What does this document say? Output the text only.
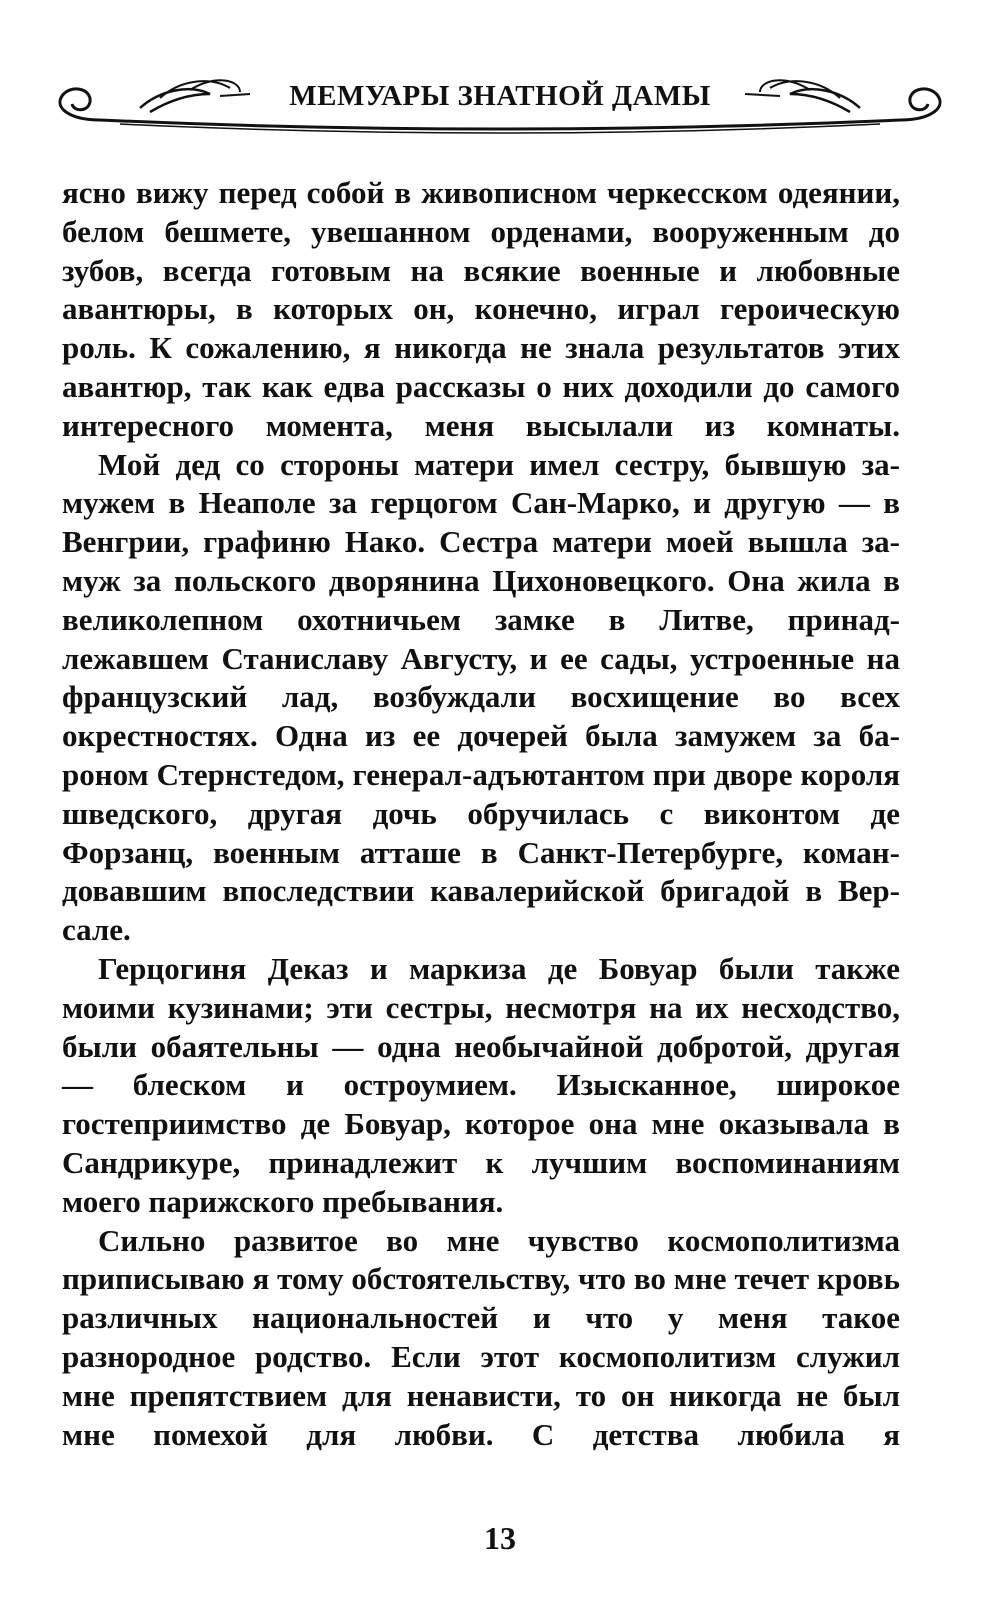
МЕМУАРЫ ЗНАТНОЙ ДАМЫ

ясно вижу перед собой в живописном черкесском одеянии, белом бешмете, увешанном орденами, вооруженным до зубов, всегда готовым на всякие военные и любовные авантюры, в которых он, конечно, играл героическую роль. К сожалению, я никогда не знала результатов этих авантюр, так как едва рассказы о них доходили до самого интересного момента, меня высылали из комнаты.

Мой дед со стороны матери имел сестру, бывшую замужем в Неаполе за герцогом Сан-Марко, и другую — в Венгрии, графиню Нако. Сестра матери моей вышла замуж за польского дворянина Цихоновецкого. Она жила в великолепном охотничьем замке в Литве, принадлежавшем Станиславу Августу, и ее сады, устроенные на французский лад, возбуждали восхищение во всех окрестностях. Одна из ее дочерей была замужем за бароном Стернстедом, генерал-адъютантом при дворе короля шведского, другая дочь обручилась с виконтом де Форзанц, военным атташе в Санкт-Петербурге, командовавшим впоследствии кавалерийской бригадой в Версале.

Герцогиня Деказ и маркиза де Бовуар были также моими кузинами; эти сестры, несмотря на их несходство, были обаятельны — одна необычайной добротой, другая — блеском и остроумием. Изысканное, широкое гостеприимство де Бовуар, которое она мне оказывала в Сандрикуре, принадлежит к лучшим воспоминаниям моего парижского пребывания.

Сильно развитое во мне чувство космополитизма приписываю я тому обстоятельству, что во мне течет кровь различных национальностей и что у меня такое разнородное родство. Если этот космополитизм служил мне препятствием для ненависти, то он никогда не был мне помехой для любви. С детства любила я

13
